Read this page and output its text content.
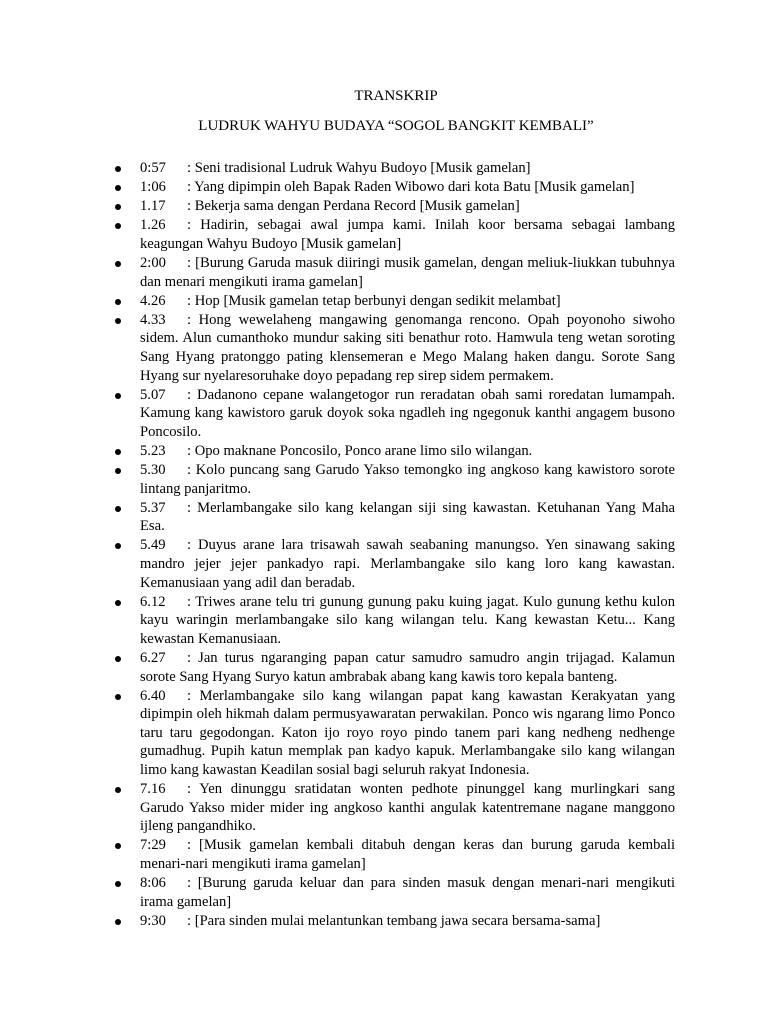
TRANSKRIP
LUDRUK WAHYU BUDAYA “SOGOL BANGKIT KEMBALI”
0:57 : Seni tradisional Ludruk Wahyu Budoyo [Musik gamelan]
1:06 : Yang dipimpin oleh Bapak Raden Wibowo dari kota Batu [Musik gamelan]
1.17 : Bekerja sama dengan Perdana Record [Musik gamelan]
1.26 : Hadirin, sebagai awal jumpa kami. Inilah koor bersama sebagai lambang keagungan Wahyu Budoyo [Musik gamelan]
2:00 : [Burung Garuda masuk diiringi musik gamelan, dengan meliuk-liukkan tubuhnya dan menari mengikuti irama gamelan]
4.26 : Hop [Musik gamelan tetap berbunyi dengan sedikit melambat]
4.33 : Hong wewelaheng mangawing genomanga rencono. Opah poyonoho siwoho sidem. Alun cumanthoko mundur saking siti benathur roto. Hamwula teng wetan soroting Sang Hyang pratonggo pating klensemeran e Mego Malang haken dangu. Sorote Sang Hyang sur nyelaresoruhake doyo pepadang rep sirep sidem permakem.
5.07 : Dadanono cepane walangetogor run reradatan obah sami roredatan lumampah. Kamung kang kawistoro garuk doyok soka ngadleh ing ngegonuk kanthi angagem busono Poncosilo.
5.23 : Opo maknane Poncosilo, Ponco arane limo silo wilangan.
5.30 : Kolo puncang sang Garudo Yakso temongko ing angkoso kang kawistoro sorote lintang panjaritmo.
5.37 : Merlambangake silo kang kelangan siji sing kawastan. Ketuhanan Yang Maha Esa.
5.49 : Duyus arane lara trisawah sawah seabaning manungso. Yen sinawang saking mandro jejer jejer pankadyo rapi. Merlambangake silo kang loro kang kawastan. Kemanusiaan yang adil dan beradab.
6.12 : Triwes arane telu tri gunung gunung paku kuing jagat. Kulo gunung kethu kulon kayu waringin merlambangake silo kang wilangan telu. Kang kewastan Ketu... Kang kewastan Kemanusiaan.
6.27 : Jan turus ngaranging papan catur samudro samudro angin trijagad. Kalamun sorote Sang Hyang Suryo katun ambrabak abang kang kawis toro kepala banteng.
6.40 : Merlambangake silo kang wilangan papat kang kawastan Kerakyatan yang dipimpin oleh hikmah dalam permusyawaratan perwakilan. Ponco wis ngarang limo Ponco taru taru gegodongan. Katon ijo royo royo pindo tanem pari kang nedheng nedhenge gumadhug. Pupih katun memplak pan kadyo kapuk. Merlambangake silo kang wilangan limo kang kawastan Keadilan sosial bagi seluruh rakyat Indonesia.
7.16 : Yen dinunggu sratidatan wonten pedhote pinunggel kang murlingkari sang Garudo Yakso mider mider ing angkoso kanthi angulak katentremane nagane manggono ijleng pangandhiko.
7:29 : [Musik gamelan kembali ditabuh dengan keras dan burung garuda kembali menari-nari mengikuti irama gamelan]
8:06 : [Burung garuda keluar dan para sinden masuk dengan menari-nari mengikuti irama gamelan]
9:30 : [Para sinden mulai melantunkan tembang jawa secara bersama-sama]
